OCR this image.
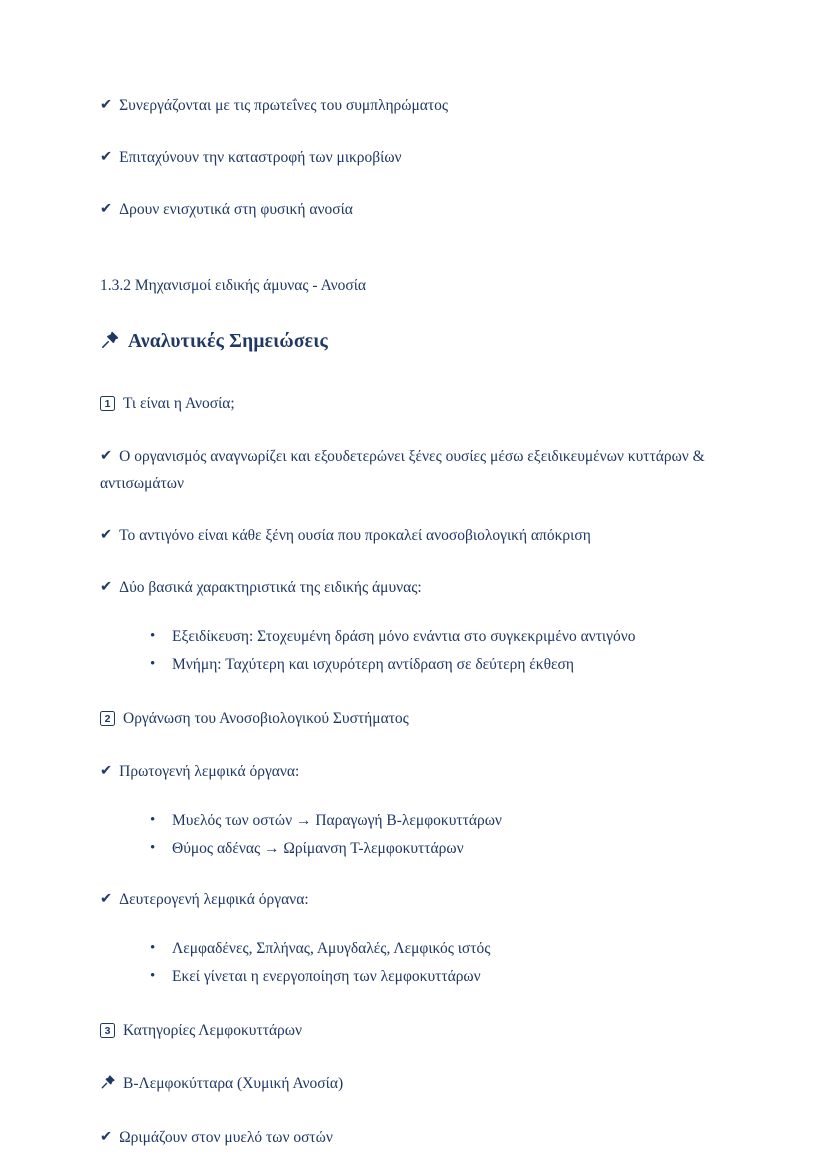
✔ Συνεργάζονται με τις πρωτεΐνες του συμπληρώματος

✔ Επιταχύνουν την καταστροφή των μικροβίων

✔ Δρουν ενισχυτικά στη φυσική ανοσία

1.3.2 Μηχανισμοί ειδικής άμυνας - Ανοσία

Αναλυτικές Σημειώσεις

1 Τι είναι η Ανοσία;

✔ Ο οργανισμός αναγνωρίζει και εξουδετερώνει ξένες ουσίες μέσω εξειδικευμένων κυττάρων & αντισωμάτων

✔ Το αντιγόνο είναι κάθε ξένη ουσία που προκαλεί ανοσοβιολογική απόκριση

✔ Δύο βασικά χαρακτηριστικά της ειδικής άμυνας:

• Εξειδίκευση: Στοχευμένη δράση μόνο ενάντια στο συγκεκριμένο αντιγόνο
• Μνήμη: Ταχύτερη και ισχυρότερη αντίδραση σε δεύτερη έκθεση

2 Οργάνωση του Ανοσοβιολογικού Συστήματος

✔ Πρωτογενή λεμφικά όργανα:

• Μυελός των οστών → Παραγωγή Β-λεμφοκυττάρων
• Θύμος αδένας → Ωρίμανση Τ-λεμφοκυττάρων

✔ Δευτερογενή λεμφικά όργανα:

• Λεμφαδένες, Σπλήνας, Αμυγδαλές, Λεμφικός ιστός
• Εκεί γίνεται η ενεργοποίηση των λεμφοκυττάρων

3 Κατηγορίες Λεμφοκυττάρων

Β-Λεμφοκύτταρα (Χυμική Ανοσία)

✔ Ωριμάζουν στον μυελό των οστών
